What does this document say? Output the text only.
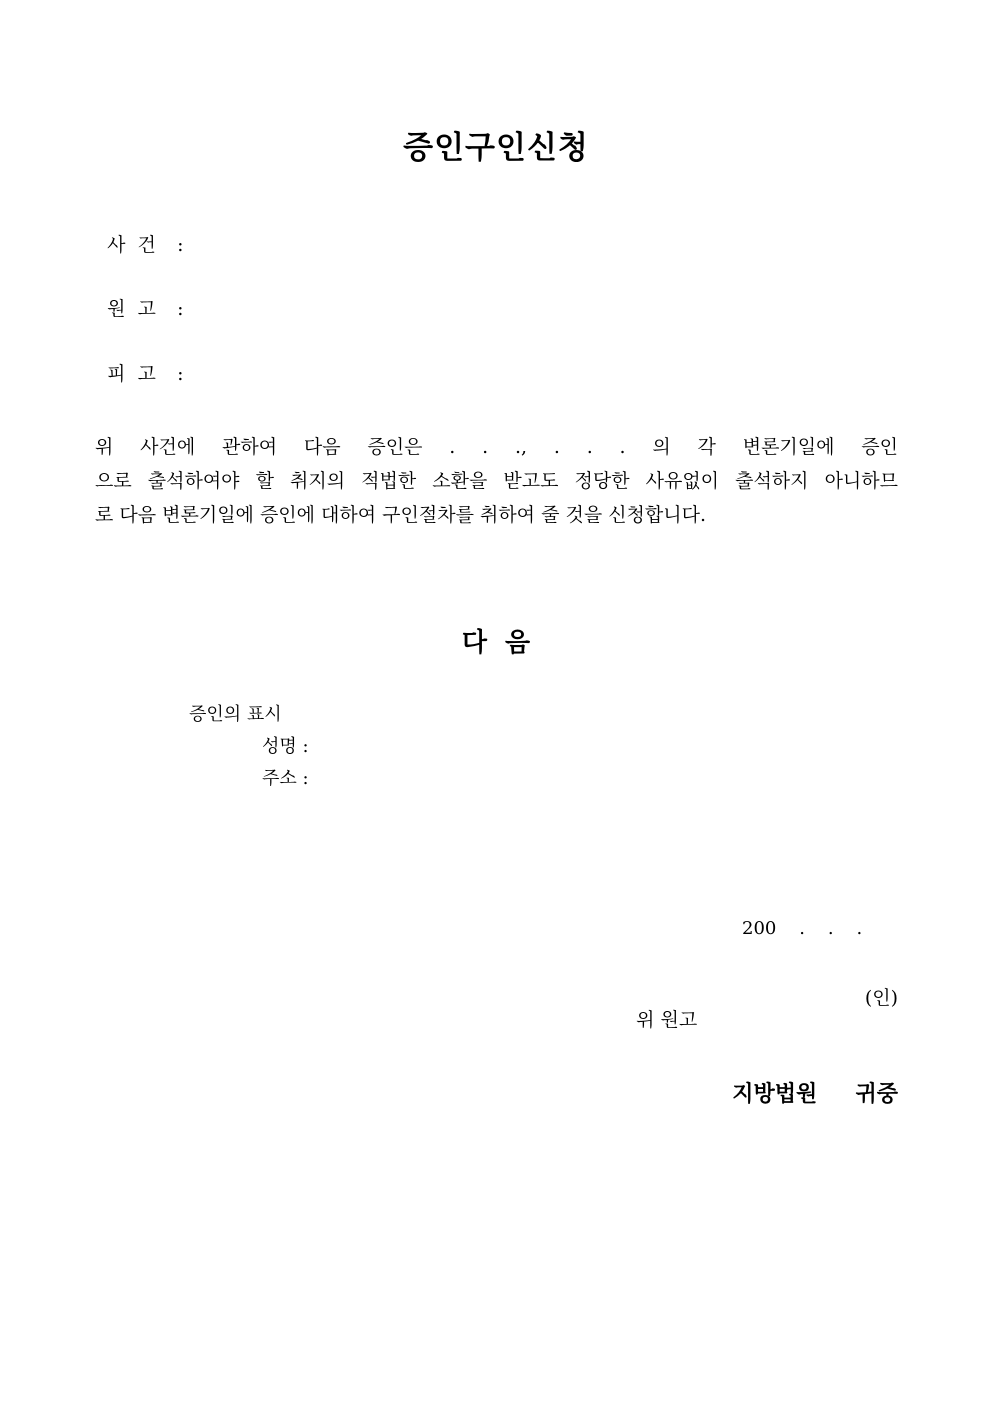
증인구인신청

사  건 :

원  고 :

피  고 :

위 사건에 관하여 다음 증인은 . . ., . . . 의 각 변론기일에 증인
으로 출석하여야 할 취지의 적법한 소환을 받고도 정당한 사유없이 출석하지 아니하므
로 다음 변론기일에 증인에 대하여 구인절차를 취하여 줄 것을 신청합니다.
다  음
증인의 표시
성명 :
주소 :
200    .    .    .

위 원고

(인)

지방법원     귀중
